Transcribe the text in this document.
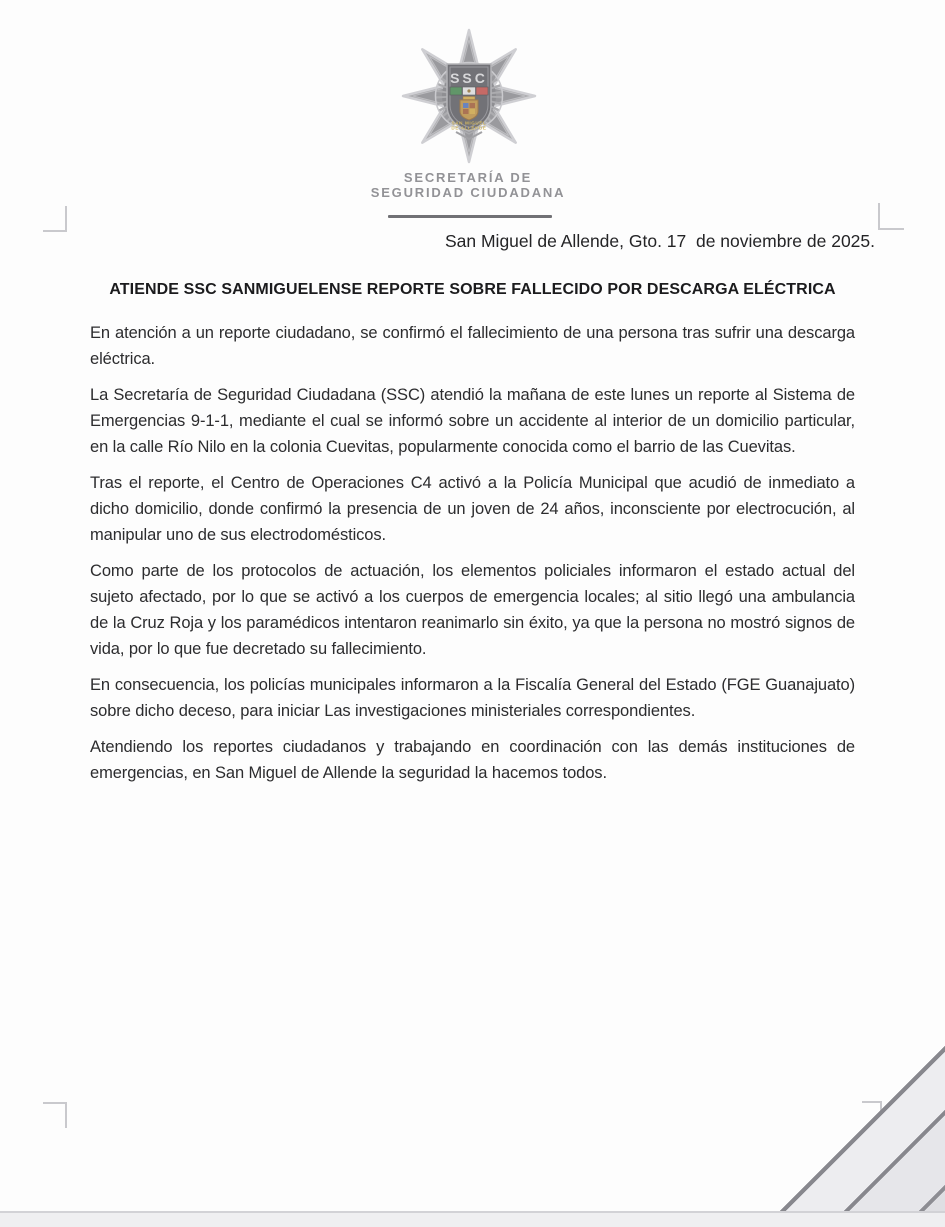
SSC
SAN MIGUEL
DE ALLENDE
SECRETARÍA DE
SEGURIDAD CIUDADANA
San Miguel de Allende, Gto. 17  de noviembre de 2025.
ATIENDE SSC SANMIGUELENSE REPORTE SOBRE FALLECIDO POR DESCARGA ELÉCTRICA

En atención a un reporte ciudadano, se confirmó el fallecimiento de una persona tras sufrir una descarga eléctrica.

La Secretaría de Seguridad Ciudadana (SSC) atendió la mañana de este lunes un reporte al Sistema de Emergencias 9-1-1, mediante el cual se informó sobre un accidente al interior de un domicilio particular, en la calle Río Nilo en la colonia Cuevitas, popularmente conocida como el barrio de las Cuevitas.

Tras el reporte, el Centro de Operaciones C4 activó a la Policía Municipal que acudió de inmediato a dicho domicilio, donde confirmó la presencia de un joven de 24 años, inconsciente por electrocución, al manipular uno de sus electrodomésticos.

Como parte de los protocolos de actuación, los elementos policiales informaron el estado actual del sujeto afectado, por lo que se activó a los cuerpos de emergencia locales; al sitio llegó una ambulancia de la Cruz Roja y los paramédicos intentaron reanimarlo sin éxito, ya que la persona no mostró signos de vida, por lo que fue decretado su fallecimiento.

En consecuencia, los policías municipales informaron a la Fiscalía General del Estado (FGE Guanajuato) sobre dicho deceso, para iniciar Las investigaciones ministeriales correspondientes.

Atendiendo los reportes ciudadanos y trabajando en coordinación con las demás instituciones de emergencias, en San Miguel de Allende la seguridad la hacemos todos.
